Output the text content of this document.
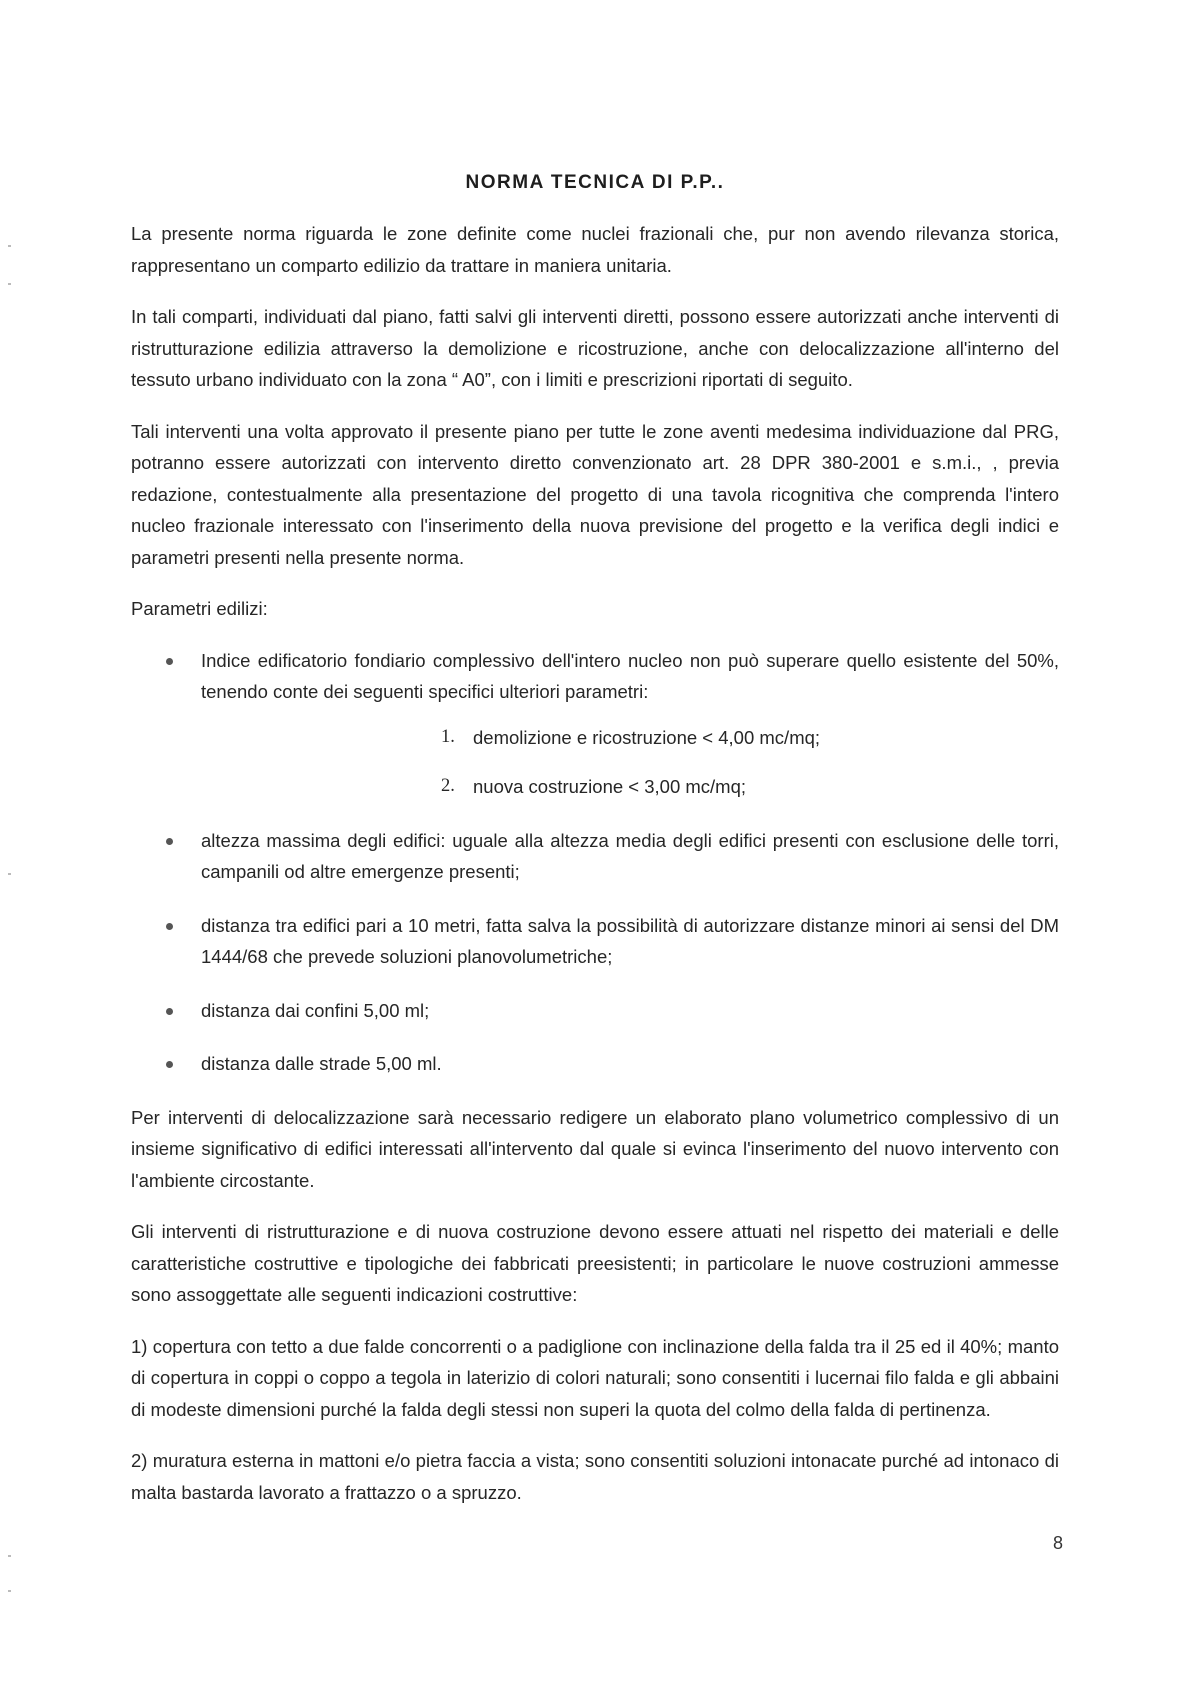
NORMA TECNICA DI P.P..

La presente norma riguarda le zone definite come nuclei frazionali che, pur non avendo rilevanza storica, rappresentano un comparto edilizio da trattare in maniera unitaria.

In tali comparti, individuati dal piano, fatti salvi gli interventi diretti, possono essere autorizzati anche interventi di ristrutturazione edilizia attraverso la demolizione e ricostruzione, anche con delocalizzazione all'interno del tessuto urbano individuato con la zona “ A0”, con i limiti e prescrizioni riportati di seguito.

Tali interventi una volta approvato il presente piano per tutte le zone aventi medesima individuazione dal PRG, potranno essere autorizzati con intervento diretto convenzionato art. 28 DPR 380-2001 e s.m.i., , previa redazione, contestualmente alla presentazione del progetto di una tavola ricognitiva che comprenda l'intero nucleo frazionale interessato con l'inserimento della nuova previsione del progetto e la verifica degli indici e parametri presenti nella presente norma.

Parametri edilizi:

Indice edificatorio fondiario complessivo dell'intero nucleo non può superare quello esistente del 50%, tenendo conte dei seguenti specifici ulteriori parametri:
1. demolizione e ricostruzione < 4,00 mc/mq;
2. nuova costruzione < 3,00 mc/mq;
altezza massima degli edifici: uguale alla altezza media degli edifici presenti con esclusione delle torri, campanili od altre emergenze presenti;
distanza tra edifici pari a 10 metri, fatta salva la possibilità di autorizzare distanze minori ai sensi del DM 1444/68 che prevede soluzioni planovolumetriche;
distanza dai confini 5,00 ml;
distanza dalle strade 5,00 ml.

Per interventi di delocalizzazione sarà necessario redigere un elaborato plano volumetrico complessivo di un insieme significativo di edifici interessati all'intervento dal quale si evinca l'inserimento del nuovo intervento con l'ambiente circostante.

Gli interventi di ristrutturazione e di nuova costruzione devono essere attuati nel rispetto dei materiali e delle caratteristiche costruttive e tipologiche dei fabbricati preesistenti; in particolare le nuove costruzioni ammesse sono assoggettate alle seguenti indicazioni costruttive:

1) copertura con tetto a due falde concorrenti o a padiglione con inclinazione della falda tra il 25 ed il 40%; manto di copertura in coppi o coppo a tegola in laterizio di colori naturali; sono consentiti i lucernai filo falda e gli abbaini di modeste dimensioni purché la falda degli stessi non superi la quota del colmo della falda di pertinenza.

2) muratura esterna in mattoni e/o pietra faccia a vista; sono consentiti soluzioni intonacate purché ad intonaco di malta bastarda lavorato a frattazzo o a spruzzo.

8
